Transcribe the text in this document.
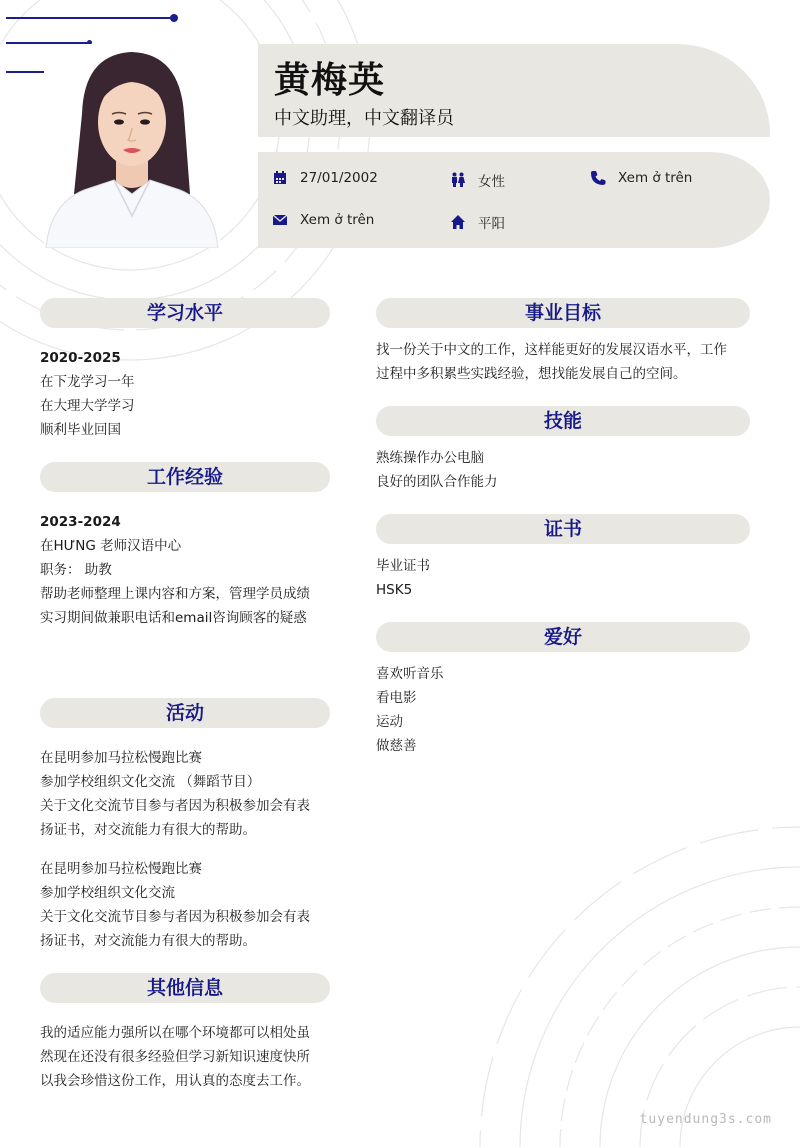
黄梅英
中文助理，中文翻译员
27/01/2002	女性	Xem ở trên
Xem ở trên	平阳
学习水平

2020-2025

在下龙学习一年

在大理大学学习

顺利毕业回国

工作经验

2023-2024

在HƯNG 老师汉语中心

职务： 助教

帮助老师整理上课内容和方案，管理学员成绩

实习期间做兼职电话和email咨询顾客的疑惑

活动

在昆明参加马拉松慢跑比赛

参加学校组织文化交流 （舞蹈节目）

关于文化交流节目参与者因为积极参加会有表

扬证书，对交流能力有很大的帮助。

在昆明参加马拉松慢跑比赛

参加学校组织文化交流

关于文化交流节目参与者因为积极参加会有表

扬证书，对交流能力有很大的帮助。

其他信息

我的适应能力强所以在哪个环境都可以相处虽

然现在还没有很多经验但学习新知识速度快所

以我会珍惜这份工作，用认真的态度去工作。

事业目标

找一份关于中文的工作，这样能更好的发展汉语水平，工作

过程中多积累些实践经验，想找能发展自己的空间。

技能

熟练操作办公电脑

良好的团队合作能力

证书

毕业证书

HSK5

爱好

喜欢听音乐

看电影

运动

做慈善

tuyendung3s.com
